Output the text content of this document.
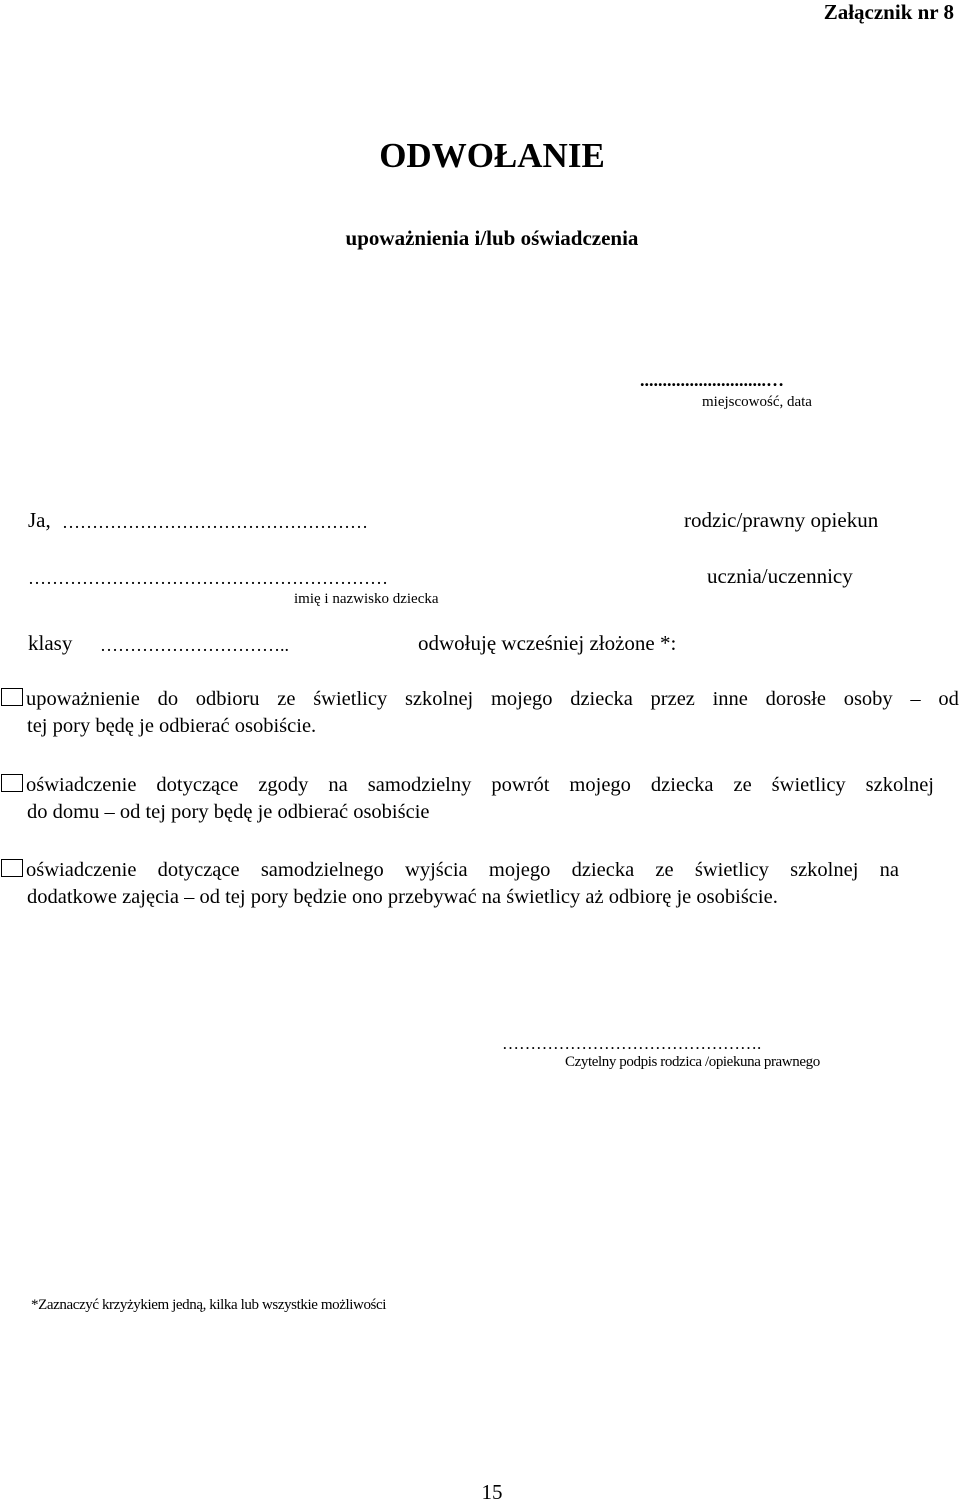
Załącznik nr 8
ODWOŁANIE
upoważnienia i/lub oświadczenia
............................…
miejscowość, data
Ja, ……………………………………………	rodzic/prawny opiekun
……………………………………………………	ucznia/uczennicy
imię i nazwisko dziecka
klasy …………………………..	odwołuję wcześniej złożone *:
upoważnienie do odbioru ze świetlicy szkolnej mojego dziecka przez inne dorosłe osoby – od
tej pory będę je odbierać osobiście.
oświadczenie dotyczące zgody na samodzielny powrót mojego dziecka ze świetlicy szkolnej
do domu – od tej pory będę je odbierać osobiście
oświadczenie dotyczące samodzielnego wyjścia mojego dziecka ze świetlicy szkolnej na
dodatkowe zajęcia – od tej pory będzie ono przebywać na świetlicy aż odbiorę je osobiście.
……………………………………….
Czytelny podpis rodzica /opiekuna prawnego
*Zaznaczyć krzyżykiem jedną, kilka lub wszystkie możliwości
15
